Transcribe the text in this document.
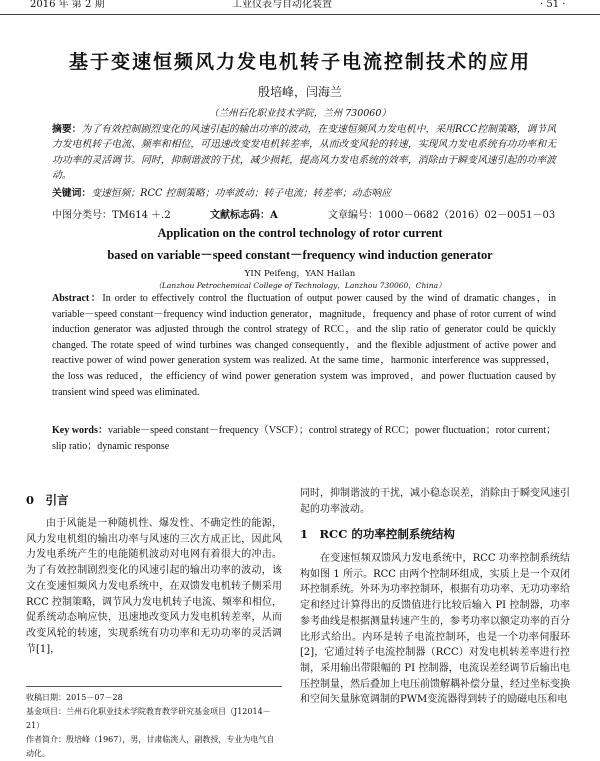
2016 年 第 2 期	工业仪表与自动化装置	· 51 ·
基于变速恒频风力发电机转子电流控制技术的应用
殷培峰，闫海兰
（兰州石化职业技术学院，兰州 730060）
摘要：为了有效控制剧烈变化的风速引起的输出功率的波动，在变速恒频风力发电机中，采用RCC控制策略，调节风力发电机转子电流、频率和相位，可迅速改变发电机转差率，从而改变风轮的转速，实现风力发电系统有功功率和无功功率的灵活调节。同时，抑制谐波的干扰，减少损耗，提高风力发电系统的效率，消除由于瞬变风速引起的功率波动。
关键词：变速恒频；RCC 控制策略；功率波动；转子电流；转差率；动态响应
中图分类号：TM614 ＋.2	文献标志码：A	文章编号：1000－0682（2016）02－0051－03
Application on the control technology of rotor current
based on variable－speed constant－frequency wind induction generator
YIN Peifeng，YAN Hailan
（Lanzhou Petrochemical College of Technology，Lanzhou 730060，China）
Abstract：In order to effectively control the fluctuation of output power caused by the wind of dramatic changes，in variable－speed constant－frequency wind induction generator，magnitude，frequency and phase of rotor current of wind induction generator was adjusted through the control strategy of RCC，and the slip ratio of generator could be quickly changed. The rotate speed of wind turbines was changed consequently，and the flexible adjustment of active power and reactive power of wind power generation system was realized. At the same time，harmonic interference was suppressed，the loss was reduced，the efficiency of wind power generation system was improved，and power fluctuation caused by transient wind speed was eliminated.
Key words：variable－speed constant－frequency（VSCF）；control strategy of RCC；power fluctuation；rotor current；slip ratio；dynamic response
0　引言
由于风能是一种随机性、爆发性、不确定性的能源，风力发电机组的输出功率与风速的三次方成正比，因此风力发电系统产生的电能随机波动对电网有着很大的冲击。为了有效控制剧烈变化的风速引起的输出功率的波动，该文在变速恒频风力发电系统中，在双馈发电机转子侧采用 RCC 控制策略，调节风力发电机转子电流、频率和相位，促系统动态响应快，迅速地改变风力发电机转差率，从而改变风轮的转速，实现系统有功功率和无功功率的灵活调节[1]，
收稿日期：2015－07－28
基金项目：兰州石化职业技术学院教育教学研究基金项目（J12014－21）
作者简介：殷培峰（1967），男，甘肃临洮人，副教授，专业为电气自动化。
同时，抑制谐波的干扰，减小稳态误差，消除由于瞬变风速引起的功率波动。
1　RCC 的功率控制系统结构
在变速恒频双馈风力发电系统中，RCC 功率控制系统结构如图 1 所示。RCC 由两个控制环组成，实质上是一个双闭环控制系统。外环为功率控制环，根据有功功率、无功功率给定和经过计算得出的反馈值进行比较后输入 PI 控制器，功率参考曲线是根据测量转速产生的，参考功率以额定功率的百分比形式给出。内环是转子电流控制环，也是一个功率伺服环[2]，它通过转子电流控制器（RCC）对发电机转差率进行控制，采用输出带限幅的 PI 控制器，电流误差经调节后输出电压控制量，然后叠加上电压前馈解耦补偿分量，经过坐标变换和空间矢量脉宽调制的PWM变流器得到转子的励磁电压和电
